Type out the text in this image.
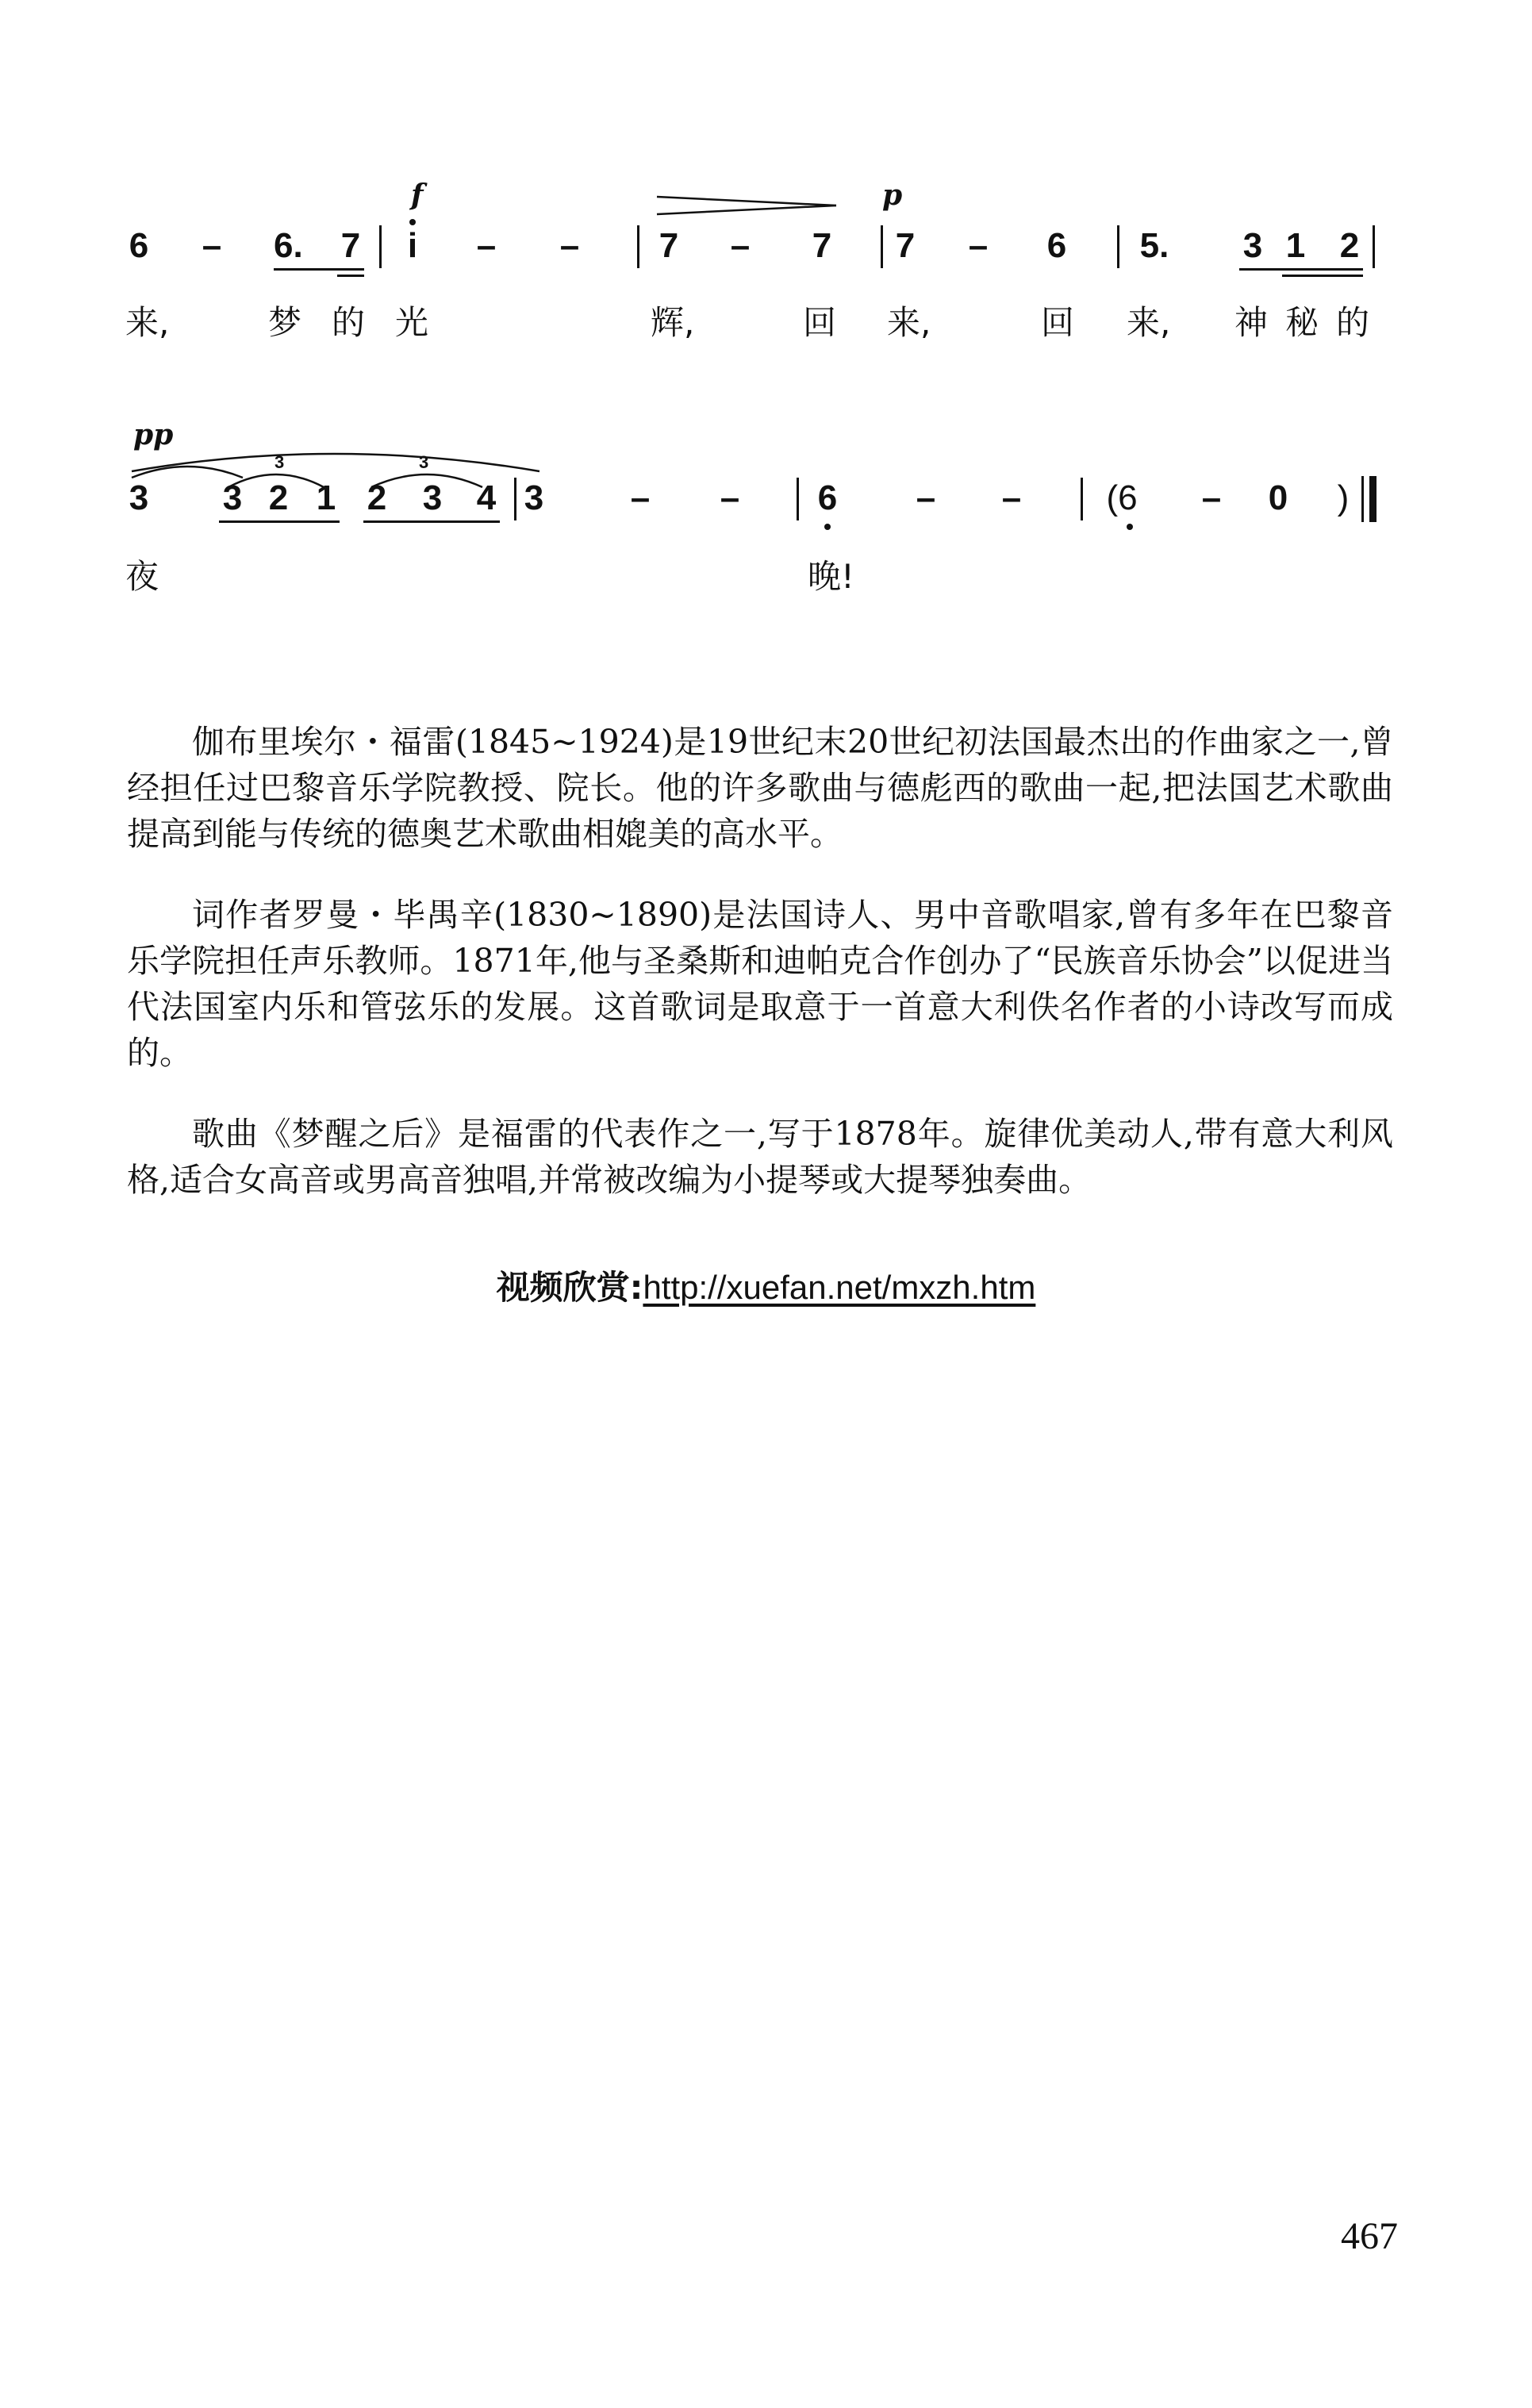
f	p
6 – 6. 7 i – – 7 – 7 7 – 6 5. 3 1 2
来,	梦 的 光	辉,	回 来,	回 来, 神 秘 的
pp
3	3
3 3 2 1 2 3 4 3 – – 6 – – (6 – 0 )
夜	晚!

伽布里埃尔・福雷(1845~1924)是19世纪末20世纪初法国最杰出的作曲家之一,曾经担任过巴黎音乐学院教授、院长。他的许多歌曲与德彪西的歌曲一起,把法国艺术歌曲提高到能与传统的德奥艺术歌曲相媲美的高水平。

词作者罗曼・毕禺辛(1830~1890)是法国诗人、男中音歌唱家,曾有多年在巴黎音乐学院担任声乐教师。1871年,他与圣桑斯和迪帕克合作创办了“民族音乐协会”以促进当代法国室内乐和管弦乐的发展。这首歌词是取意于一首意大利佚名作者的小诗改写而成的。

歌曲《梦醒之后》是福雷的代表作之一,写于1878年。旋律优美动人,带有意大利风格,适合女高音或男高音独唱,并常被改编为小提琴或大提琴独奏曲。

视频欣赏:http://xuefan.net/mxzh.htm
467
